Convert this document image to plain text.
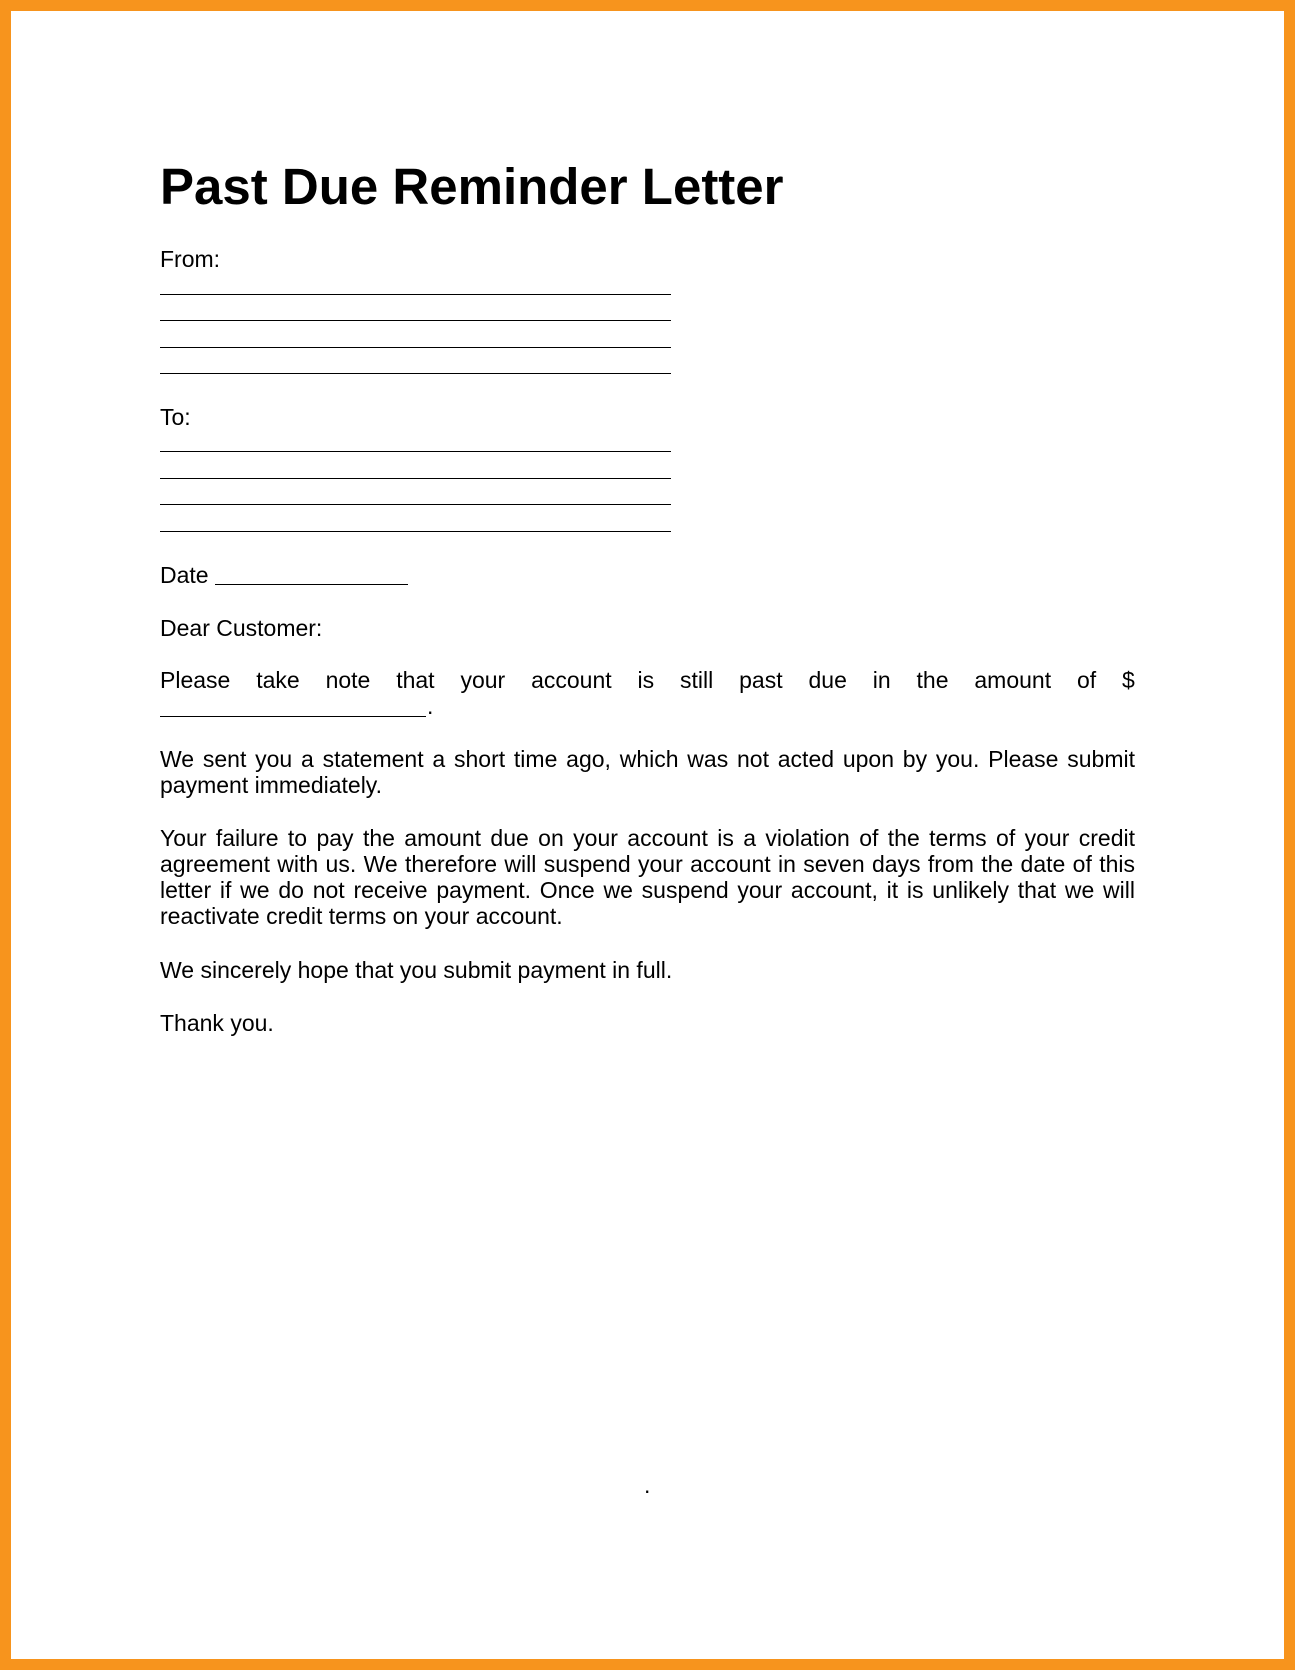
Past Due Reminder Letter
From:
To:
Date
Dear Customer:
Please take note that your account is still past due in the amount of $
.

We sent you a statement a short time ago, which was not acted upon by you. Please submit payment immediately.

Your failure to pay the amount due on your account is a violation of the terms of your credit agreement with us. We therefore will suspend your account in seven days from the date of this letter if we do not receive payment. Once we suspend your account, it is unlikely that we will reactivate credit terms on your account.

We sincerely hope that you submit payment in full.

Thank you.

.
